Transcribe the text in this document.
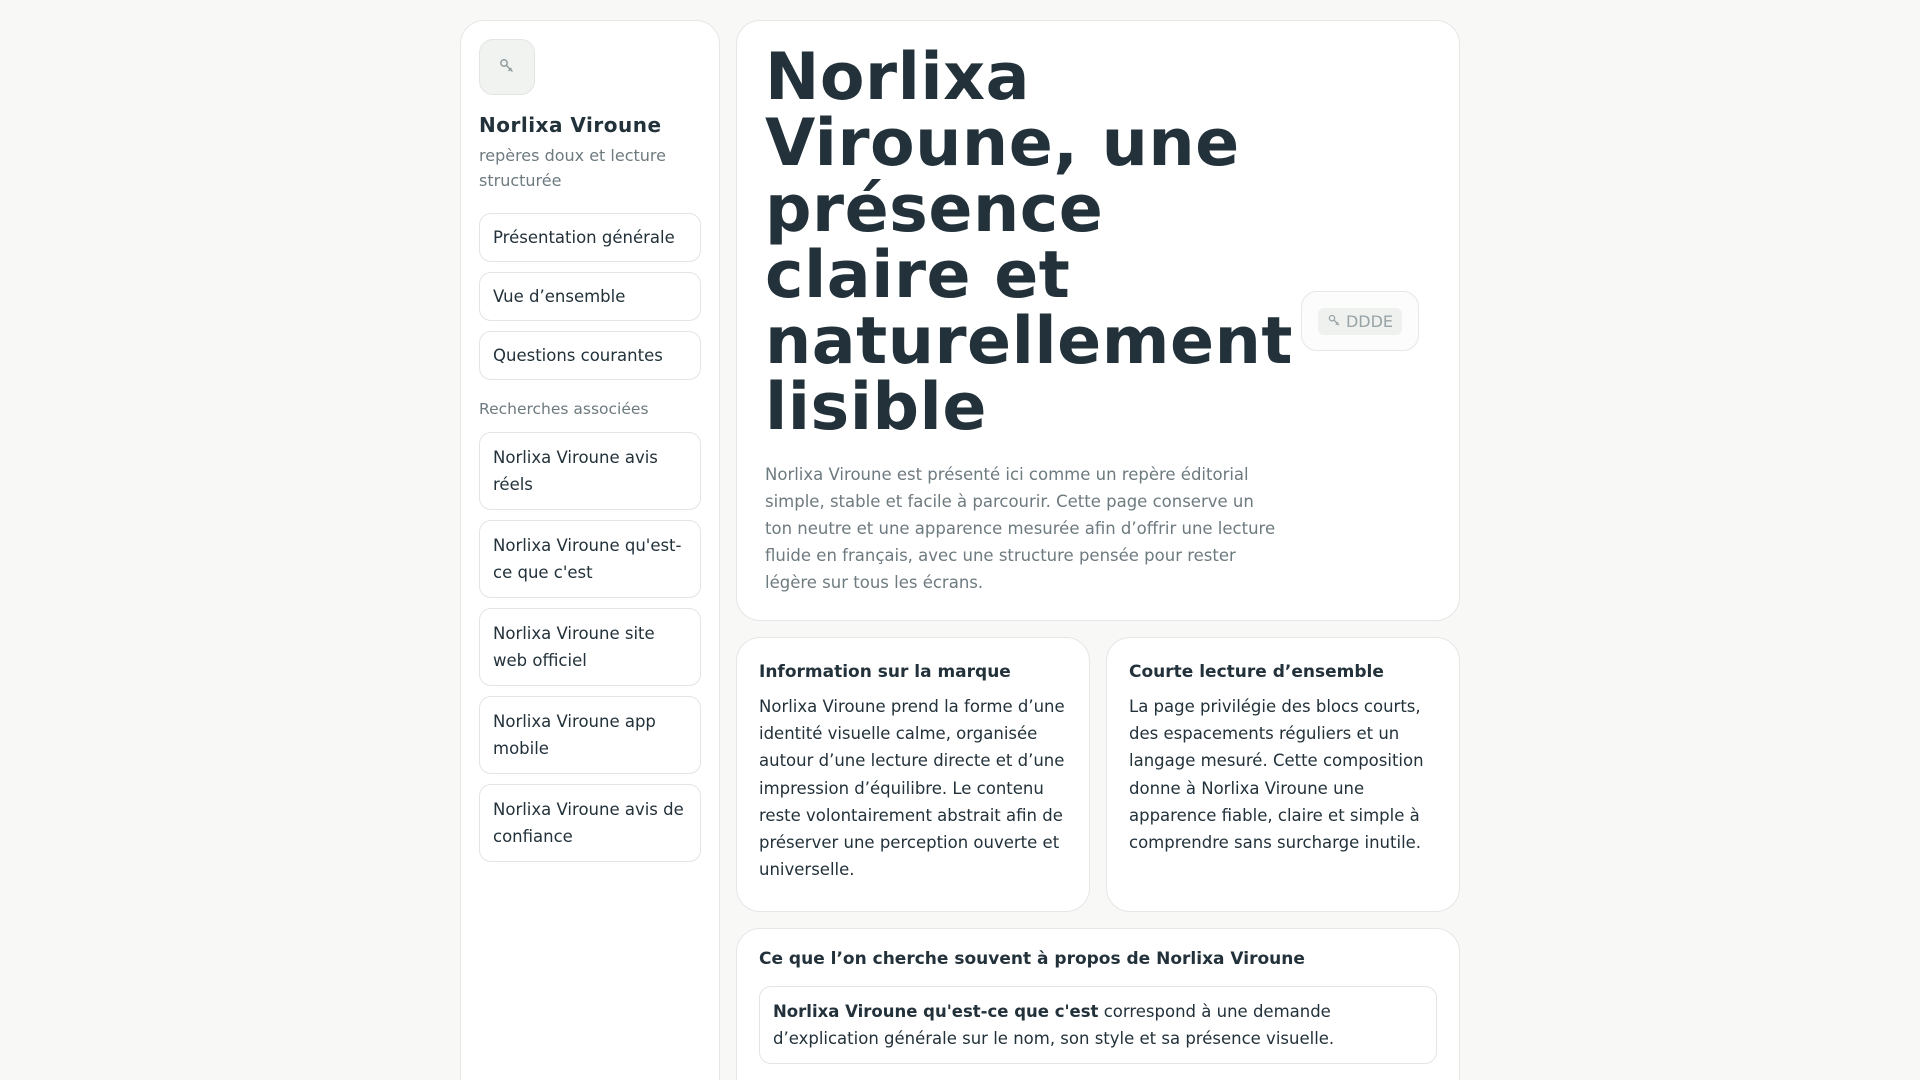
Norlixa Viroune
repères doux et lecture structurée
Présentation générale
Vue d’ensemble
Questions courantes
Recherches associées
Norlixa Viroune avis réels
Norlixa Viroune qu'est-ce que c'est
Norlixa Viroune site web officiel
Norlixa Viroune app mobile
Norlixa Viroune avis de confiance
Norlixa Viroune, une présence claire et naturellement lisible

Norlixa Viroune est présenté ici comme un repère éditorial simple, stable et facile à parcourir. Cette page conserve un ton neutre et une apparence mesurée afin d’offrir une lecture fluide en français, avec une structure pensée pour rester légère sur tous les écrans.

DDDE
Information sur la marque

Norlixa Viroune prend la forme d’une identité visuelle calme, organisée autour d’une lecture directe et d’une impression d’équilibre. Le contenu reste volontairement abstrait afin de préserver une perception ouverte et universelle.

Courte lecture d’ensemble

La page privilégie des blocs courts, des espacements réguliers et un langage mesuré. Cette composition donne à Norlixa Viroune une apparence fiable, claire et simple à comprendre sans surcharge inutile.

Ce que l’on cherche souvent à propos de Norlixa Viroune
Norlixa Viroune qu'est-ce que c'est correspond à une demande d’explication générale sur le nom, son style et sa présence visuelle.
